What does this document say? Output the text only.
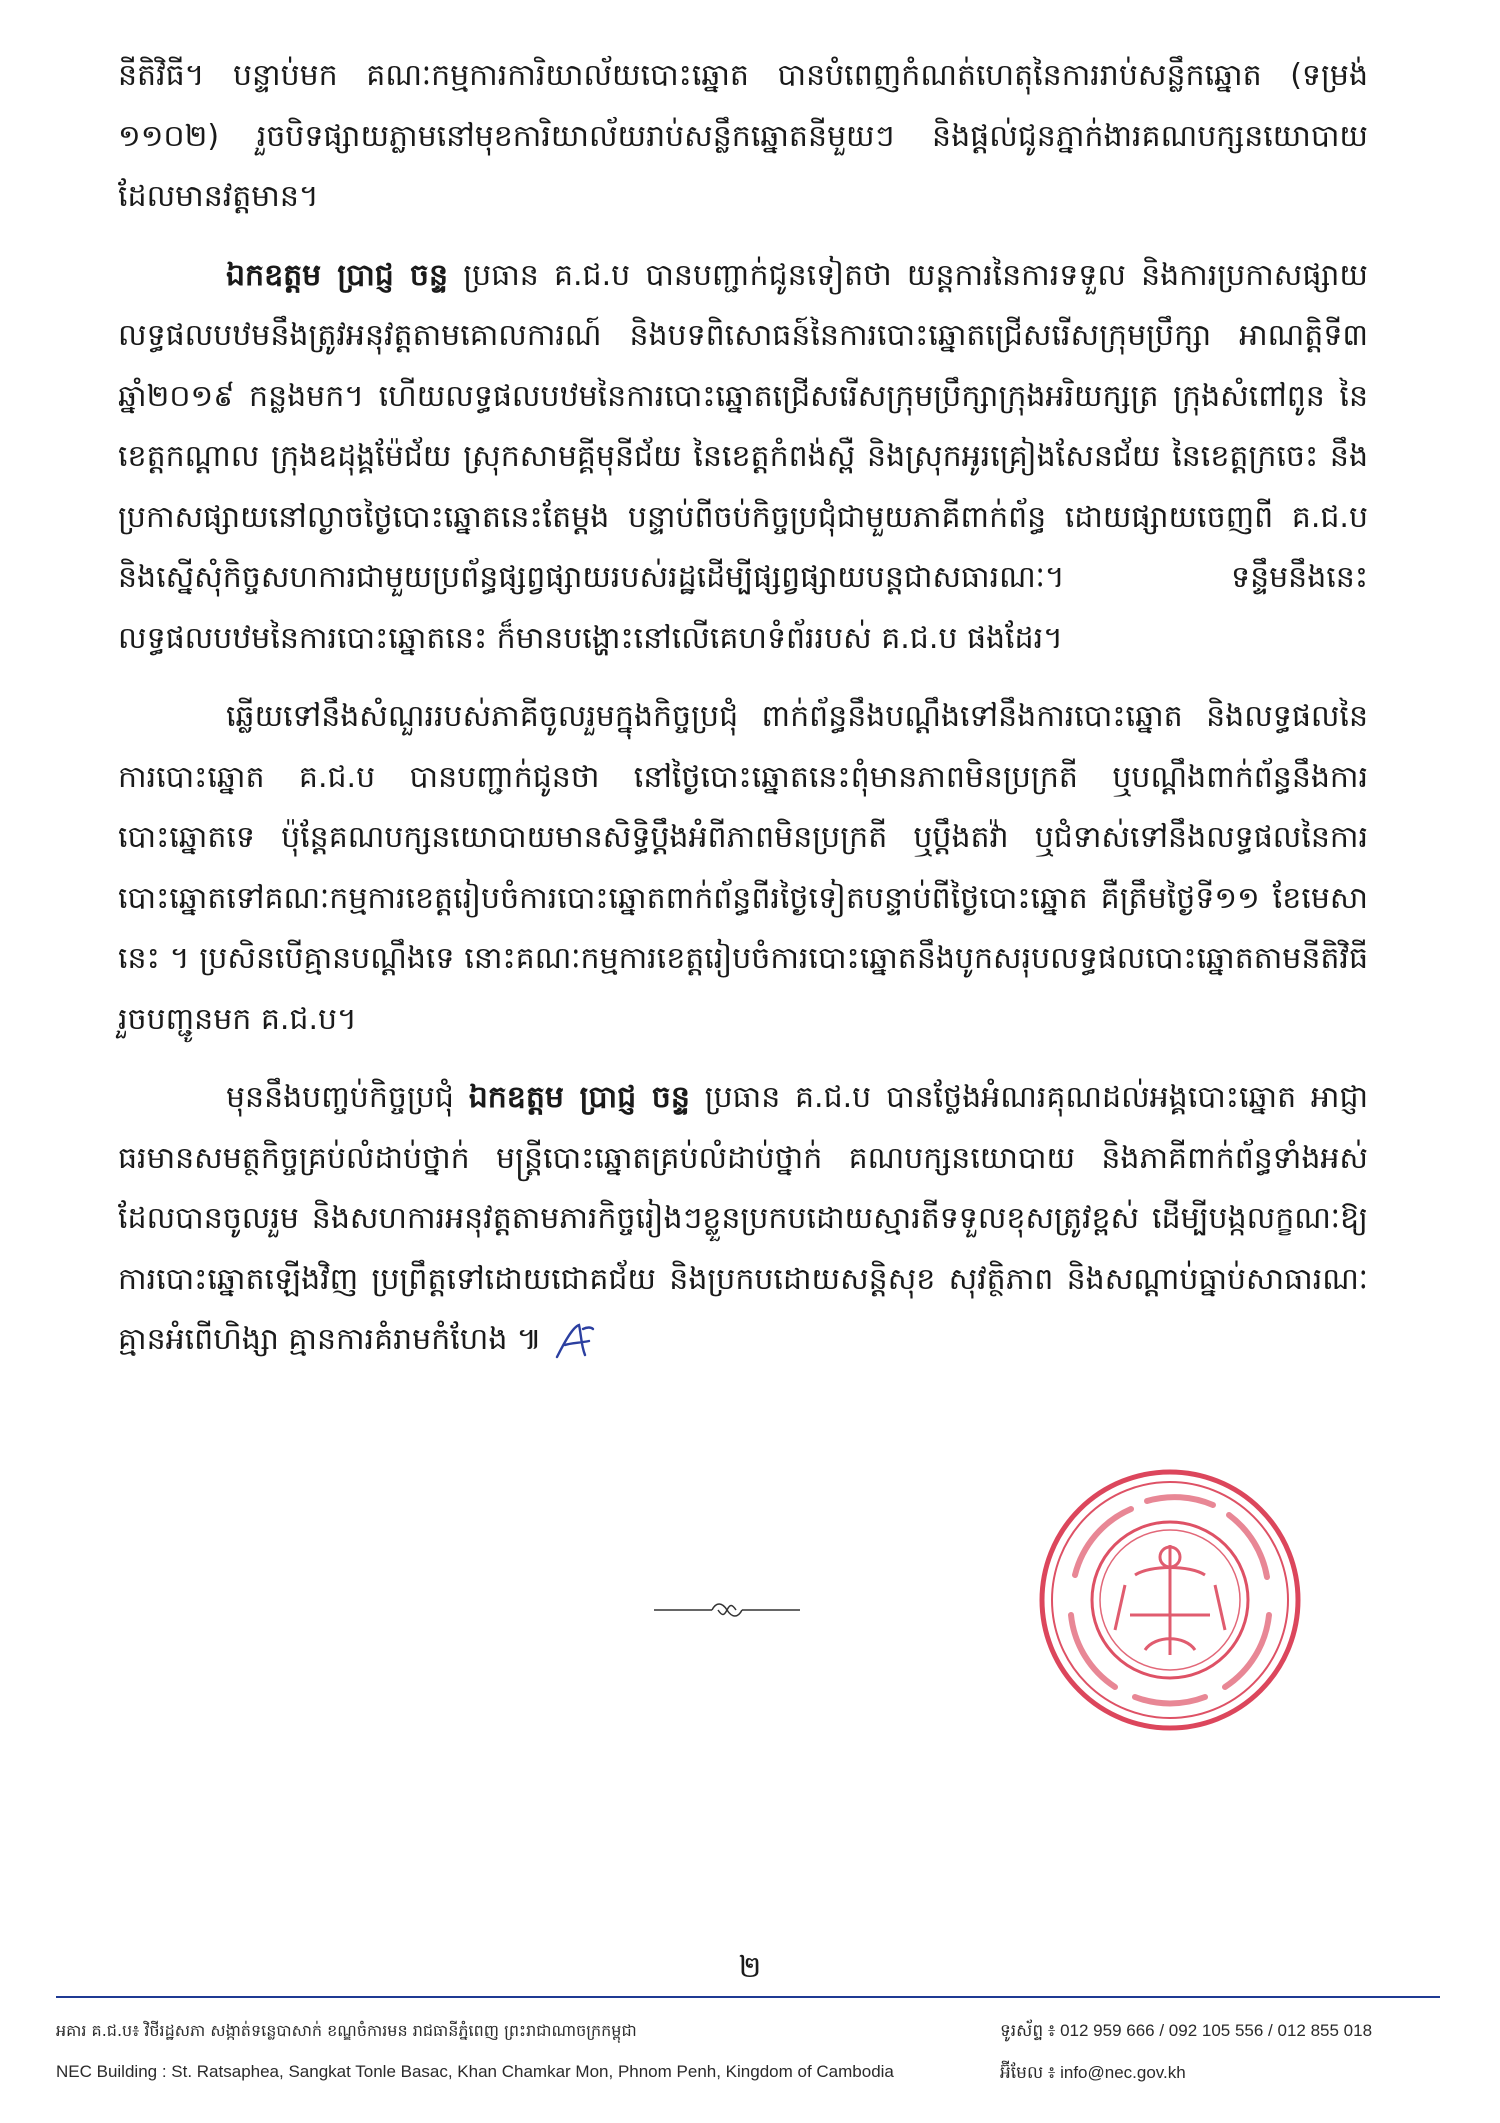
នីតិវិធី។ បន្ទាប់មក គណៈកម្មការការិយាល័យបោះឆ្នោត បានបំពេញកំណត់ហេតុនៃការរាប់សន្លឹកឆ្នោត (ទម្រង់ ១១០២) រួចបិទផ្សាយភ្លាមនៅមុខការិយាល័យរាប់សន្លឹកឆ្នោតនីមួយៗ និងផ្តល់ជូនភ្នាក់ងារគណបក្សនយោបាយដែលមានវត្តមាន។

ឯកឧត្តម ប្រាជ្ញ ចន្ទ ប្រធាន គ.ជ.ប បានបញ្ជាក់ជូនទៀតថា យន្តការនៃការទទួល និងការប្រកាសផ្សាយលទ្ធផលបឋមនឹងត្រូវអនុវត្តតាមគោលការណ៍ និងបទពិសោធន៍នៃការបោះឆ្នោតជ្រើសរើសក្រុមប្រឹក្សា អាណត្តិទី៣ ឆ្នាំ២០១៩ កន្លងមក។ ហើយលទ្ធផលបឋមនៃការបោះឆ្នោតជ្រើសរើសក្រុមប្រឹក្សាក្រុងអរិយក្សត្រ ក្រុងសំពៅពូន នៃខេត្តកណ្តាល ក្រុងឧដុង្គម៉ែជ័យ ស្រុកសាមគ្គីមុនីជ័យ នៃខេត្តកំពង់ស្ពឺ និងស្រុកអូរគ្រៀងសែនជ័យ នៃខេត្តក្រចេះ នឹងប្រកាសផ្សាយនៅល្ងាចថ្ងៃបោះឆ្នោតនេះតែម្តង បន្ទាប់ពីចប់កិច្ចប្រជុំជាមួយភាគីពាក់ព័ន្ធ ដោយផ្សាយចេញពី គ.ជ.ប និងស្នើសុំកិច្ចសហការជាមួយប្រព័ន្ធផ្សព្វផ្សាយរបស់រដ្ឋដើម្បីផ្សព្វផ្សាយបន្តជាសធារណៈ។ ទន្ទឹមនឹងនេះ លទ្ធផលបឋមនៃការបោះឆ្នោតនេះ ក៏មានបង្ហោះនៅលើគេហទំព័ររបស់ គ.ជ.ប ផងដែរ។

ឆ្លើយទៅនឹងសំណួររបស់ភាគីចូលរួមក្នុងកិច្ចប្រជុំ ពាក់ព័ន្ធនឹងបណ្តឹងទៅនឹងការបោះឆ្នោត និងលទ្ធផលនៃការបោះឆ្នោត គ.ជ.ប បានបញ្ជាក់ជូនថា នៅថ្ងៃបោះឆ្នោតនេះពុំមានភាពមិនប្រក្រតី ឬបណ្តឹងពាក់ព័ន្ធនឹងការបោះឆ្នោតទេ ប៉ុន្តែគណបក្សនយោបាយមានសិទ្ធិប្តឹងអំពីភាពមិនប្រក្រតី ឬប្តឹងតវ៉ា ឬជំទាស់ទៅនឹងលទ្ធផលនៃការបោះឆ្នោតទៅគណៈកម្មការខេត្តរៀបចំការបោះឆ្នោតពាក់ព័ន្ធពីរថ្ងៃទៀតបន្ទាប់ពីថ្ងៃបោះឆ្នោត គឺត្រឹមថ្ងៃទី១១ ខែមេសា នេះ ។ ប្រសិនបើគ្មានបណ្តឹងទេ នោះគណៈកម្មការខេត្តរៀបចំការបោះឆ្នោតនឹងបូកសរុបលទ្ធផលបោះឆ្នោតតាមនីតិវិធី រួចបញ្ជូនមក គ.ជ.ប។

មុននឹងបញ្ចប់កិច្ចប្រជុំ ឯកឧត្តម ប្រាជ្ញ ចន្ទ ប្រធាន គ.ជ.ប បានថ្លែងអំណរគុណដល់អង្គបោះឆ្នោត អាជ្ញាធរមានសមត្ថកិច្ចគ្រប់លំដាប់ថ្នាក់ មន្ត្រីបោះឆ្នោតគ្រប់លំដាប់ថ្នាក់ គណបក្សនយោបាយ និងភាគីពាក់ព័ន្ធទាំងអស់ ដែលបានចូលរួម និងសហការអនុវត្តតាមភារកិច្ចរៀងៗខ្លួនប្រកបដោយស្មារតីទទួលខុសត្រូវខ្ពស់ ដើម្បីបង្កលក្ខណៈឱ្យការបោះឆ្នោតឡើងវិញ ប្រព្រឹត្តទៅដោយជោគជ័យ និងប្រកបដោយសន្តិសុខ សុវត្ថិភាព និងសណ្តាប់ធ្នាប់សាធារណៈ គ្មានអំពើហិង្សា គ្មានការគំរាមកំហែង ៕

២
អគារ គ.ជ.ប៖ វិថីរដ្ឋសភា សង្កាត់ទន្លេបាសាក់ ខណ្ឌចំការមន រាជធានីភ្នំពេញ ព្រះរាជាណាចក្រកម្ពុជា
NEC Building : St. Ratsaphea, Sangkat Tonle Basac, Khan Chamkar Mon, Phnom Penh, Kingdom of Cambodia
ទូរស័ព្ទ ៖ 012 959 666 / 092 105 556 / 012 855 018
អ៊ីមែល ៖ info@nec.gov.kh
